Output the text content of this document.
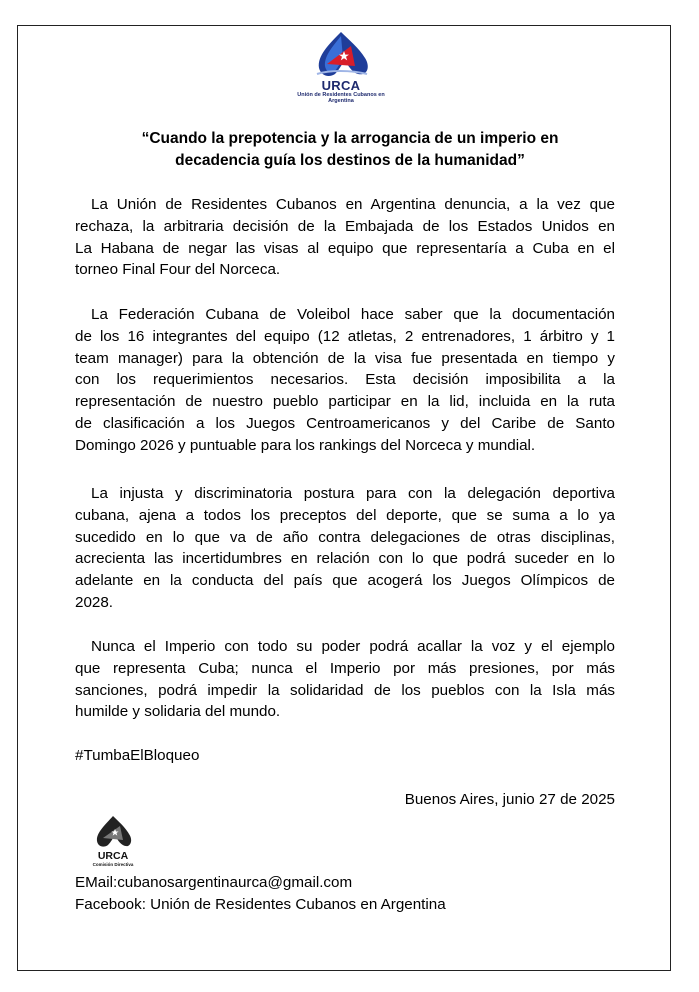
URCA
Unión de Residentes Cubanos en Argentina
“Cuando la prepotencia y la arrogancia de un imperio en
decadencia guía los destinos de la humanidad”
La Unión de Residentes Cubanos en Argentina denuncia, a la vez que
rechaza, la arbitraria decisión de la Embajada de los Estados Unidos en
La Habana de negar las visas al equipo que representaría a Cuba en el
torneo Final Four del Norceca.
La Federación Cubana de Voleibol hace saber que la documentación
de los 16 integrantes del equipo (12 atletas, 2 entrenadores, 1 árbitro y 1
team manager) para la obtención de la visa fue presentada en tiempo y
con los requerimientos necesarios. Esta decisión imposibilita a la
representación de nuestro pueblo participar en la lid, incluida en la ruta
de clasificación a los Juegos Centroamericanos y del Caribe de Santo
Domingo 2026 y puntuable para los rankings del Norceca y mundial.
La injusta y discriminatoria postura para con la delegación deportiva
cubana, ajena a todos los preceptos del deporte, que se suma a lo ya
sucedido en lo que va de año contra delegaciones de otras disciplinas,
acrecienta las incertidumbres en relación con lo que podrá suceder en lo
adelante en la conducta del país que acogerá los Juegos Olímpicos de
2028.
Nunca el Imperio con todo su poder podrá acallar la voz y el ejemplo
que representa Cuba; nunca el Imperio por más presiones, por más
sanciones, podrá impedir la solidaridad de los pueblos con la Isla más
humilde y solidaria del mundo.
#TumbaElBloqueo
Buenos Aires, junio 27 de 2025
URCA
Comisión Directiva
EMail:cubanosargentinaurca@gmail.com
Facebook: Unión de Residentes Cubanos en Argentina
